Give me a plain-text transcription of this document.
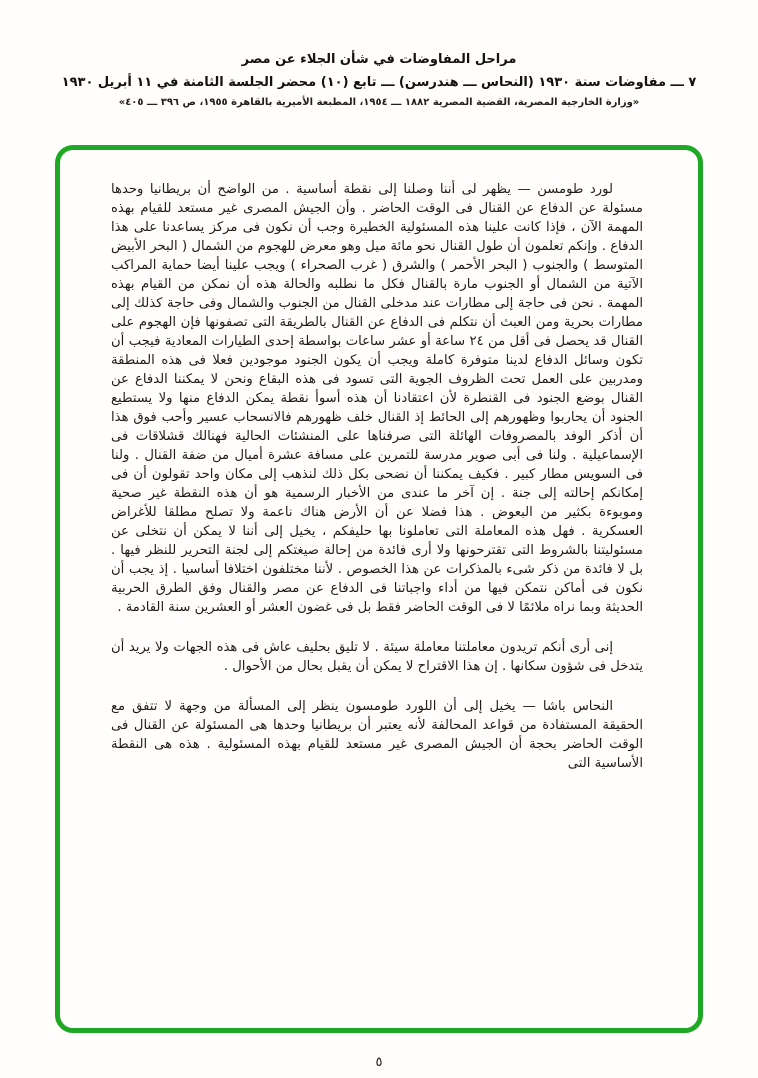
مراحل المفاوضات في شأن الجلاء عن مصر
٧ ـــ مفاوضات سنة ١٩٣٠ (النحاس ـــ هندرسن) ـــ تابع (١٠) محضر الجلسة الثامنة في ١١ أبريل ١٩٣٠
«وزارة الخارجية المصرية، القضية المصرية ١٨٨٢ ـــ ١٩٥٤، المطبعة الأميرية بالقاهرة ١٩٥٥، ص ٣٩٦ ـــ ٤٠٥»

لورد طومسن — يظهر لى أننا وصلنا إلى نقطة أساسية . من الواضح أن بريطانيا وحدها مسئولة عن الدفاع عن القنال فى الوقت الحاضر . وأن الجيش المصرى غير مستعد للقيام بهذه المهمة الآن ، فإذا كانت علينا هذه المسئولية الخطيرة وجب أن نكون فى مركز يساعدنا على هذا الدفاع . وإنكم تعلمون أن طول القنال نحو مائة ميل وهو معرض للهجوم من الشمال ( البحر الأبيض المتوسط ) والجنوب ( البحر الأحمر ) والشرق ( غرب الصحراء ) ويجب علينا أيضا حماية المراكب الآتية من الشمال أو الجنوب مارة بالقنال فكل ما نطلبه والحالة هذه أن نمكن من القيام بهذه المهمة . نحن فى حاجة إلى مطارات عند مدخلى القنال من الجنوب والشمال وفى حاجة كذلك إلى مطارات بحرية ومن العبث أن نتكلم فى الدفاع عن القنال بالطريقة التى تصفونها فإن الهجوم على القنال قد يحصل فى أقل من ٢٤ ساعة أو عشر ساعات بواسطة إحدى الطيارات المعادية فيجب أن تكون وسائل الدفاع لدينا متوفرة كاملة ويجب أن يكون الجنود موجودين فعلا فى هذه المنطقة ومدربين على العمل تحت الظروف الجوية التى تسود فى هذه البقاع ونحن لا يمكننا الدفاع عن القنال بوضع الجنود فى القنطرة لأن اعتقادنا أن هذه أسوأ نقطة يمكن الدفاع منها ولا يستطيع الجنود أن يحاربوا وظهورهم إلى الحائط إذ القنال خلف ظهورهم فالانسحاب عسير وأحب فوق هذا أن أذكر الوفد بالمصروفات الهائلة التى صرفناها على المنشئات الحالية فهنالك قشلاقات فى الإسماعيلية . ولنا فى أبى صوير مدرسة للتمرين على مسافة عشرة أميال من ضفة القنال . ولنا فى السويس مطار كبير . فكيف يمكننا أن نضحى بكل ذلك لنذهب إلى مكان واحد تقولون أن فى إمكانكم إحالته إلى جنة . إن آخر ما عندى من الأخبار الرسمية هو أن هذه النقطة غير صحية وموبوءة بكثير من البعوض . هذا فضلا عن أن الأرض هناك ناعمة ولا تصلح مطلقا للأغراض العسكرية . فهل هذه المعاملة التى تعاملونا بها حليفكم ، يخيل إلى أننا لا يمكن أن نتخلى عن مسئوليتنا بالشروط التى تقترحونها ولا أرى فائدة من إحالة صيغتكم إلى لجنة التحرير للنظر فيها . بل لا فائدة من ذكر شىء بالمذكرات عن هذا الخصوص . لأننا مختلفون اختلافا أساسيا . إذ يجب أن نكون فى أماكن نتمكن فيها من أداء واجباتنا فى الدفاع عن مصر والقنال وفق الطرق الحربية الحديثة وبما نراه ملائمًا لا فى الوقت الحاضر فقط بل فى غضون العشر أو العشرين سنة القادمة .

إنى أرى أنكم تريدون معاملتنا معاملة سيئة . لا تليق بحليف عاش فى هذه الجهات ولا يريد أن يتدخل فى شؤون سكانها . إن هذا الاقتراح لا يمكن أن يقبل بحال من الأحوال .

النحاس باشا — يخيل إلى أن اللورد طومسون ينظر إلى المسألة من وجهة لا تتفق مع الحقيقة المستفادة من قواعد المحالفة لأنه يعتبر أن بريطانيا وحدها هى المسئولة عن القنال فى الوقت الحاضر بحجة أن الجيش المصرى غير مستعد للقيام بهذه المسئولية . هذه هى النقطة الأساسية التى

٥
